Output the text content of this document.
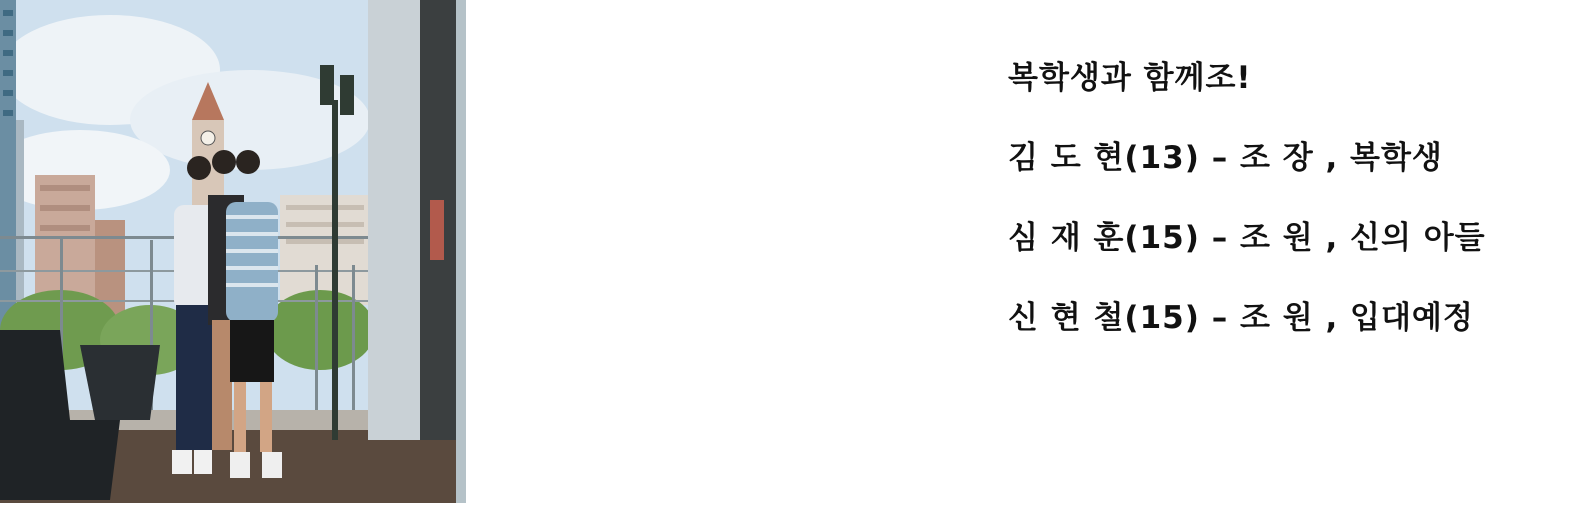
복학생과 함께조!
김 도 현(13) – 조 장 , 복학생
심 재 훈(15) – 조 원 , 신의 아들
신 현 철(15) – 조 원 , 입대예정
